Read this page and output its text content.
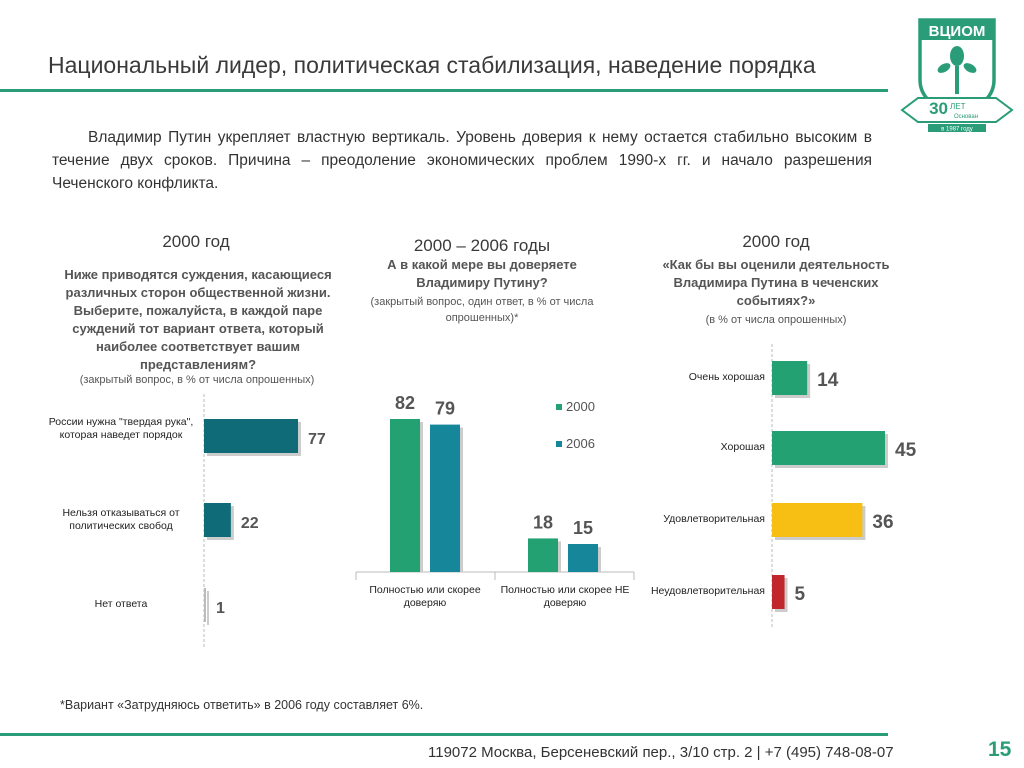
Национальный лидер, политическая стабилизация, наведение порядка
ВЦИОМ
30 ЛЕТ
Основан
в 1987 году
Владимир Путин укрепляет властную вертикаль. Уровень доверия к нему остается стабильно высоким в течение двух сроков. Причина – преодоление экономических проблем 1990-х гг. и начало разрешения Чеченского конфликта.
2000 год
Ниже приводятся суждения, касающиеся различных сторон общественной жизни. Выберите, пожалуйста, в каждой паре суждений тот вариант ответа, который наиболее соответствует вашим представлениям?
(закрытый вопрос, в % от числа опрошенных)
2000 – 2006 годы
А в какой мере вы доверяете Владимиру Путину?
(закрытый вопрос, один ответ, в % от числа опрошенных)*
2000 год
«Как бы вы оценили деятельность Владимира Путина в чеченских событиях?»
(в % от числа опрошенных)
77
22
1
России нужна "твердая рука", которая наведет порядок
Нельзя отказываться от политических свобод
Нет ответа
82
18
79
15
2000
2006
Полностью или скорее доверяю
Полностью или скорее НЕ доверяю
14
45
36
5
Очень хорошая
Хорошая
Удовлетворительная
Неудовлетворительная
*Вариант «Затрудняюсь ответить» в 2006 году составляет 6%.
119072 Москва, Берсеневский пер., 3/10 стр. 2 | +7 (495) 748-08-07	15
